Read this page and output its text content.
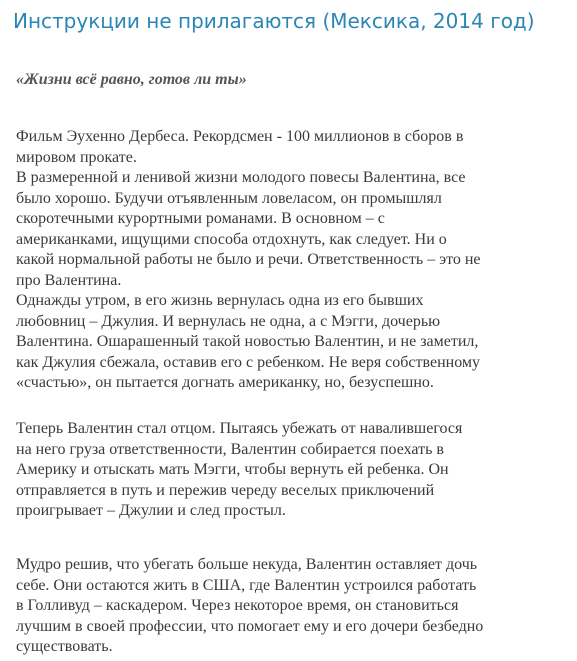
Инструкции не прилагаются (Мексика, 2014 год)
«Жизни всё равно, готов ли ты»

Фильм Эухенно Дербеса. Рекордсмен - 100 миллионов в сборов в
мировом прокате.
В размеренной и ленивой жизни молодого повесы Валентина, все
было хорошо. Будучи отъявленным ловеласом, он промышлял
скоротечными курортными романами. В основном – с
американками, ищущими способа отдохнуть, как следует. Ни о
какой нормальной работы не было и речи. Ответственность – это не
про Валентина.
Однажды утром, в его жизнь вернулась одна из его бывших
любовниц – Джулия. И вернулась не одна, а с Мэгги, дочерью
Валентина. Ошарашенный такой новостью Валентин, и не заметил,
как Джулия сбежала, оставив его с ребенком. Не веря собственному
«счастью», он пытается догнать американку, но, безуспешно.

Теперь Валентин стал отцом. Пытаясь убежать от навалившегося
на него груза ответственности, Валентин собирается поехать в
Америку и отыскать мать Мэгги, чтобы вернуть ей ребенка. Он
отправляется в путь и пережив череду веселых приключений
проигрывает – Джулии и след простыл.

Мудро решив, что убегать больше некуда, Валентин оставляет дочь
себе. Они остаются жить в США, где Валентин устроился работать
в Голливуд – каскадером. Через некоторое время, он становиться
лучшим в своей профессии, что помогает ему и его дочери безбедно
существовать.
